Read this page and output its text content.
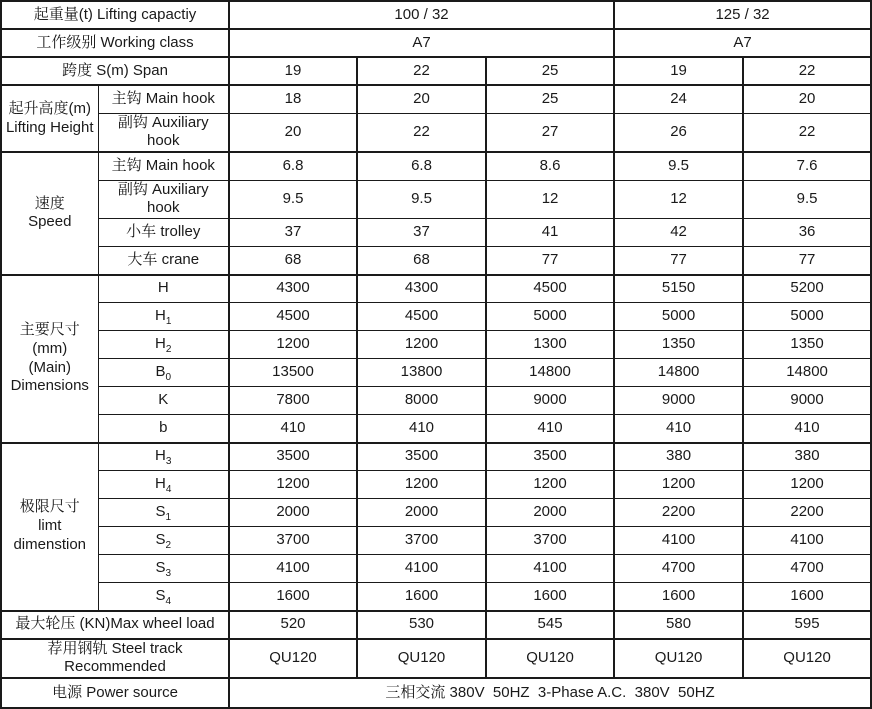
起重量(t) Lifting capactiy		100 / 32			125 / 32	

工作级别 Working class		A7			A7	

跨度 S(m) Span		19	22	25	19	22

起升高度(m)
Lifting Height	主钩 Main hook	18	20	25	24	20
	副钩 Auxiliary hook	20	22	27	26	22

速度
Speed	主钩 Main hook	6.8	6.8	8.6	9.5	7.6
	副钩 Auxiliary hook	9.5	9.5	12	12	9.5
	小车 trolley	37	37	41	42	36
	大车 crane	68	68	77	77	77

主要尺寸
(mm)
(Main)
Dimensions	H	4300	4300	4500	5150	5200
	$H_1$	4500	4500	5000	5000	5000
	$H_2$	1200	1200	1300	1350	1350
	$B_0$	13500	13800	14800	14800	14800
	K	7800	8000	9000	9000	9000
	b	410	410	410	410	410

极限尺寸
limt
dimenstion	$H_3$	3500	3500	3500	380	380
	$H_4$	1200	1200	1200	1200	1200
	$S_1$	2000	2000	2000	2200	2200
	$S_2$	3700	3700	3700	4100	4100
	$S_3$	4100	4100	4100	4700	4700
	$S_4$	1600	1600	1600	1600	1600

最大轮压 (KN)Max wheel load		520	530	545	580	595

荐用钢轨 Steel track
Recommended		QU120	QU120	QU120	QU120	QU120

电源 Power source		三相交流 380V  50HZ  3-Phase A.C.  380V  50HZ				
